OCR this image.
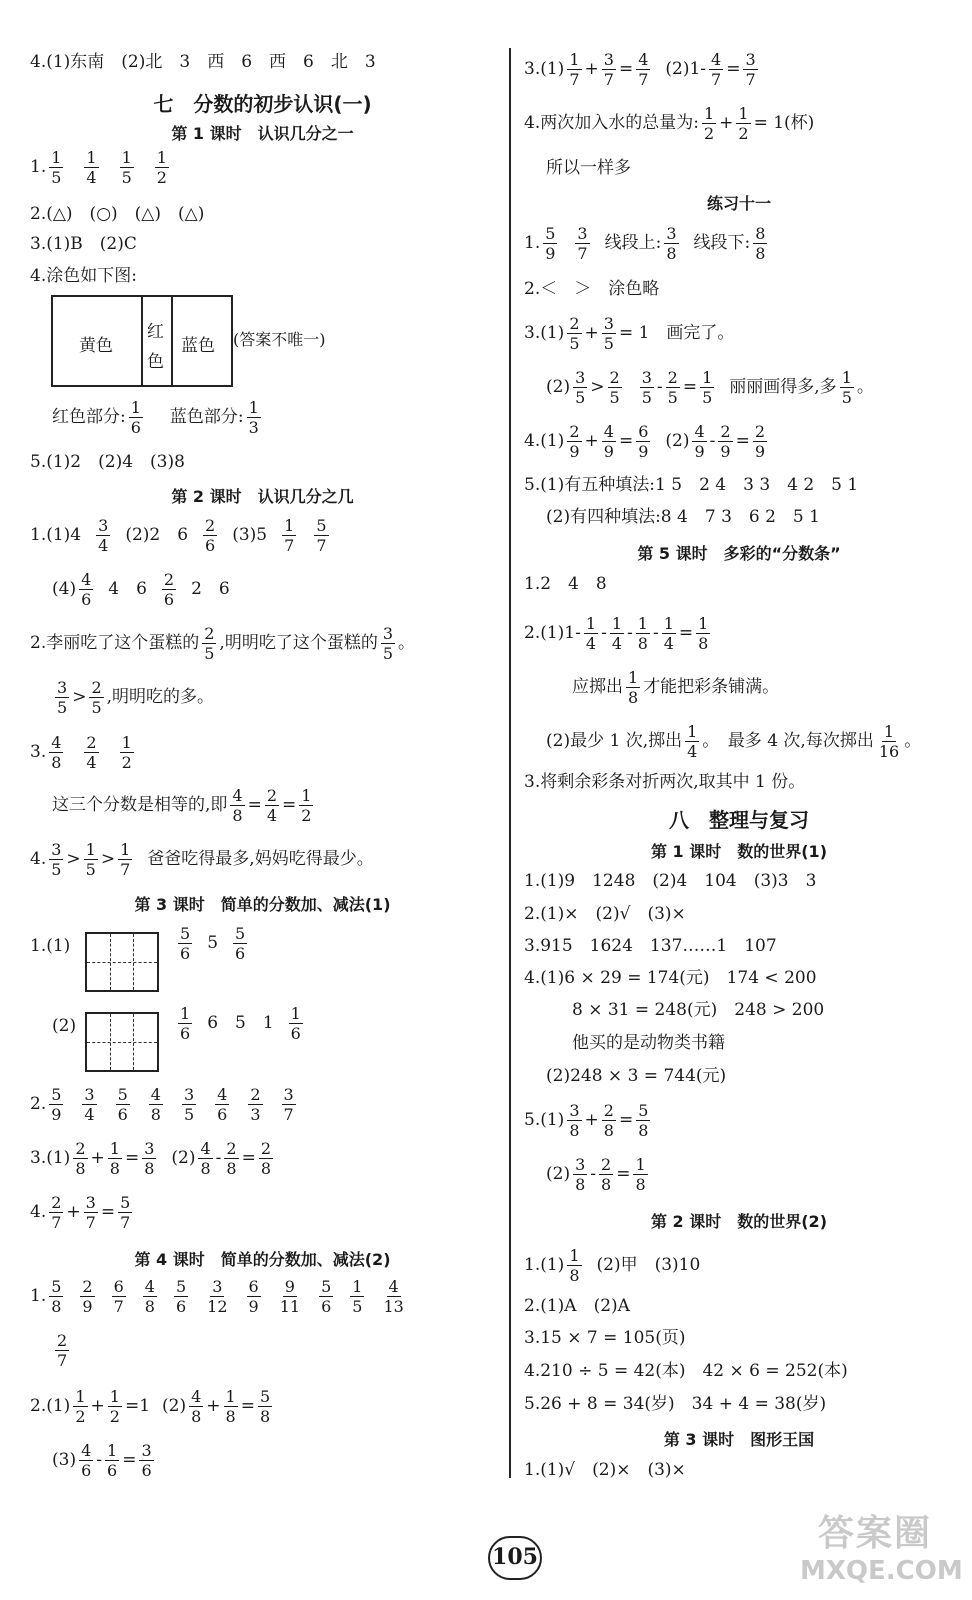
4.(1)东南　(2)北　3　西　6　西　6　北　3
七　分数的初步认识(一)
第 1 课时　认识几分之一
1. $\frac{1}{5} \frac{1}{4} \frac{1}{5} \frac{1}{2}$
2.(△)　(○)　(△)　(△)
3.(1)B　(2)C
4.涂色如下图:
黄色
红
色
蓝色 (答案不唯一)
红色部分: $\frac{1}{6}$ 蓝色部分: $\frac{1}{3}$
5.(1)2　(2)4　(3)8
第 2 课时　认识几分之几
$1.(1)4 \frac{3}{4} (2)2$　$6 \frac{2}{6} (3)5 \frac{1}{7} \frac{5}{7}$
$(4) \frac{4}{6} 4$　$6 \frac{2}{6} 2$　6
2.李丽吃了这个蛋糕的 $\frac{2}{5}$ ,明明吃了这个蛋糕的 $\frac{3}{5}$ 。
$\frac{3}{5} > \frac{2}{5}$ ,明明吃的多。
3. $\frac{4}{8} \frac{2}{4} \frac{1}{2}$
这三个分数是相等的,即 $\frac{4}{8} = \frac{2}{4} = \frac{1}{2}$
4. $\frac{3}{5} > \frac{1}{5} > \frac{1}{7}$ 爸爸吃得最多,妈妈吃得最少。
第 3 课时　简单的分数加、减法(1)
1.(1)	$\frac{5}{6} 5 \frac{5}{6}$
(2)	$\frac{1}{6} 6$　5　$1 \frac{1}{6}$
2. $\frac{5}{9} \frac{3}{4} \frac{5}{6} \frac{4}{8} \frac{3}{5} \frac{4}{6} \frac{2}{3} \frac{3}{7}$
$3.(1) \frac{2}{8} + \frac{1}{8} = \frac{3}{8} (2) \frac{4}{8} - \frac{2}{8} = \frac{2}{8}$
4. $\frac{2}{7} + \frac{3}{7} = \frac{5}{7}$
第 4 课时　简单的分数加、减法(2)
1. $\frac{5}{8} \frac{2}{9} \frac{6}{7} \frac{4}{8} \frac{5}{6} \frac{3}{12} \frac{6}{9} \frac{9}{11} \frac{5}{6} \frac{1}{5} \frac{4}{13}$
$\frac{2}{7}$
$2.(1) \frac{1}{2} + \frac{1}{2} =1$ $(2) \frac{4}{8} + \frac{1}{8} = \frac{5}{8}$
$(3) \frac{4}{6} - \frac{1}{6} = \frac{3}{6}$
$3.(1) \frac{1}{7} + \frac{3}{7} = \frac{4}{7} (2)1- \frac{4}{7} = \frac{3}{7}$
4.两次加入水的总量为: $\frac{1}{2} + \frac{1}{2} = 1$(杯)
所以一样多
练习十一
1. $\frac{5}{9} \frac{3}{7}$ 线段上: $\frac{3}{8}$ 线段下: $\frac{8}{8}$
2.＜　＞　涂色略
$3.(1) \frac{2}{5} + \frac{3}{5} = 1$　画完了。
$(2) \frac{3}{5} > \frac{2}{5} \frac{3}{5} - \frac{2}{5} = \frac{1}{5}$ 丽丽画得多,多 $\frac{1}{5}$ 。
$4.(1) \frac{2}{9} + \frac{4}{9} = \frac{6}{9} (2) \frac{4}{9} - \frac{2}{9} = \frac{2}{9}$
5.(1)有五种填法:1 5　2 4　3 3　4 2　5 1
(2)有四种填法:8 4　7 3　6 2　5 1
第 5 课时　多彩的“分数条”
1.2　4　8
$2.(1)1- \frac{1}{4} - \frac{1}{4} - \frac{1}{8} - \frac{1}{4} = \frac{1}{8}$
应掷出 $\frac{1}{8}$ 才能把彩条铺满。
(2)最少 1 次,掷出 $\frac{1}{4}$ 。　最多 4 次,每次掷出 $\frac{1}{16}$ 。
3.将剩余彩条对折两次,取其中 1 份。
八　整理与复习
第 1 课时　数的世界(1)
1.(1)9　1248　(2)4　104　(3)3　3
2.(1)×　(2)√　(3)×
3.915　1624　137……1　107
4.(1)6 × 29 = 174(元)　174 < 200
8 × 31 = 248(元)　248 > 200
他买的是动物类书籍
(2)248 × 3 = 744(元)
$5.(1) \frac{3}{8} + \frac{2}{8} = \frac{5}{8}$
$(2) \frac{3}{8} - \frac{2}{8} = \frac{1}{8}$
第 2 课时　数的世界(2)
$1.(1) \frac{1}{8} (2)$甲　(3)10
2.(1)A　(2)A
3.15 × 7 = 105(页)
4.210 ÷ 5 = 42(本)　42 × 6 = 252(本)
5.26 + 8 = 34(岁)　34 + 4 = 38(岁)
第 3 课时　图形王国
1.(1)√　(2)×　(3)×
105
答案圈
MXQE.COM
